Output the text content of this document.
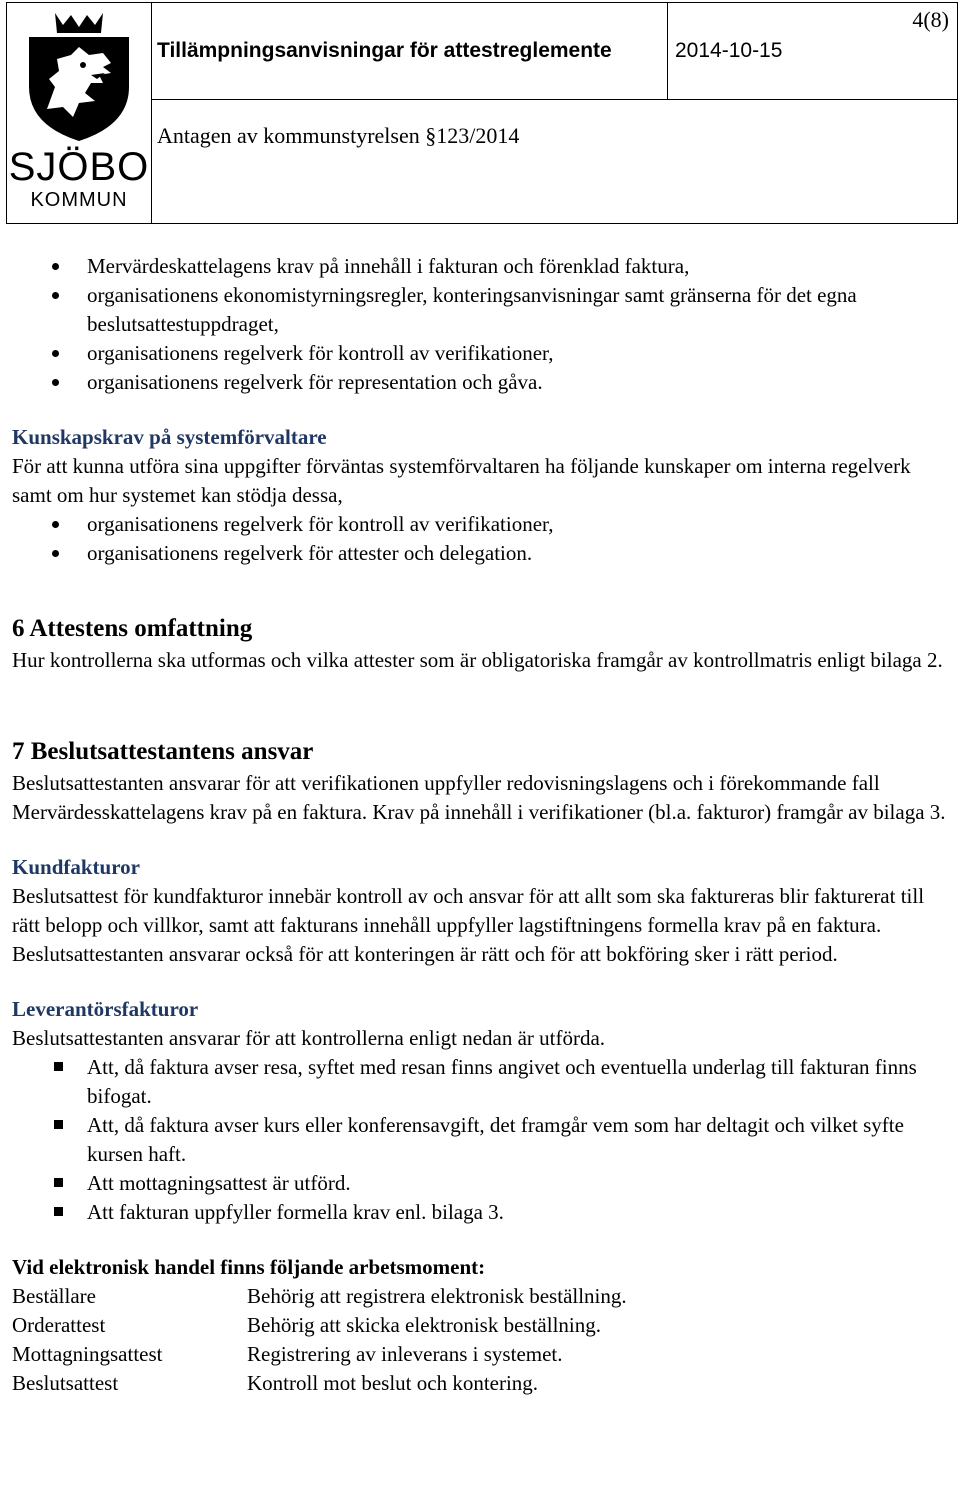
SJÖBO
KOMMUN
Tillämpningsanvisningar för attestreglemente	2014-10-15
4(8)
Antagen av kommunstyrelsen §123/2014
Mervärdeskattelagens krav på innehåll i fakturan och förenklad faktura,
organisationens ekonomistyrningsregler, konteringsanvisningar samt gränserna för det egna beslutsattestuppdraget,
organisationens regelverk för kontroll av verifikationer,
organisationens regelverk för representation och gåva.

Kunskapskrav på systemförvaltare

För att kunna utföra sina uppgifter förväntas systemförvaltaren ha följande kunskaper om interna regelverk samt om hur systemet kan stödja dessa,

organisationens regelverk för kontroll av verifikationer,
organisationens regelverk för attester och delegation.

6 Attestens omfattning

Hur kontrollerna ska utformas och vilka attester som är obligatoriska framgår av kontrollmatris enligt bilaga 2.

7 Beslutsattestantens ansvar

Beslutsattestanten ansvarar för att verifikationen uppfyller redovisningslagens och i förekommande fall Mervärdesskattelagens krav på en faktura. Krav på innehåll i verifikationer (bl.a. fakturor) framgår av bilaga 3.

Kundfakturor

Beslutsattest för kundfakturor innebär kontroll av och ansvar för att allt som ska faktureras blir fakturerat till rätt belopp och villkor, samt att fakturans innehåll uppfyller lagstiftningens formella krav på en faktura. Beslutsattestanten ansvarar också för att konteringen är rätt och för att bokföring sker i rätt period.

Leverantörsfakturor

Beslutsattestanten ansvarar för att kontrollerna enligt nedan är utförda.

Att, då faktura avser resa, syftet med resan finns angivet och eventuella underlag till fakturan finns bifogat.
Att, då faktura avser kurs eller konferensavgift, det framgår vem som har deltagit och vilket syfte kursen haft.
Att mottagningsattest är utförd.
Att fakturan uppfyller formella krav enl. bilaga 3.

Vid elektronisk handel finns följande arbetsmoment:

Beställare	Behörig att registrera elektronisk beställning.
Orderattest	Behörig att skicka elektronisk beställning.
Mottagningsattest	Registrering av inleverans i systemet.
Beslutsattest	Kontroll mot beslut och kontering.
